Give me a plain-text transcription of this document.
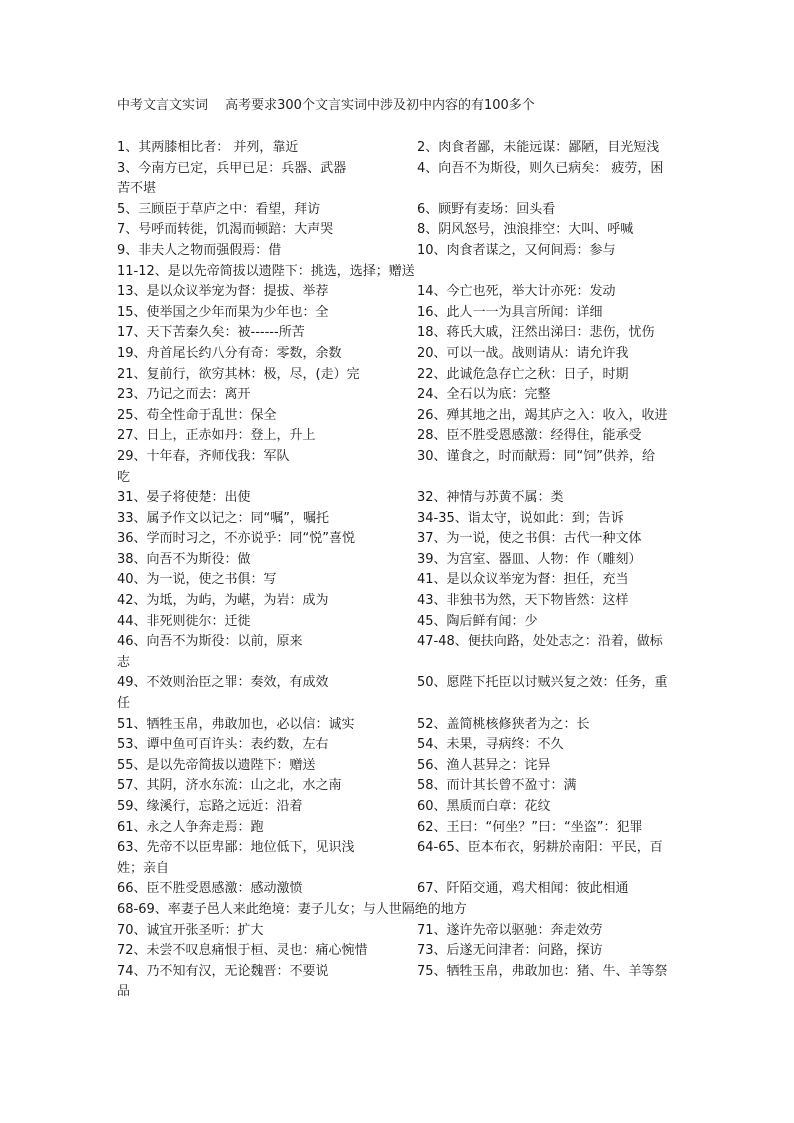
中考文言文实词　 高考要求300个文言实词中涉及初中内容的有100多个
1、其两膝相比者： 并列，靠近	2、肉食者鄙，未能远谋：鄙陋，目光短浅
3、今南方已定，兵甲已足：兵器、武器	4、向吾不为斯役，则久已病矣： 疲劳，困
苦不堪
5、三顾臣于草庐之中：看望，拜访	6、顾野有麦场：回头看
7、号呼而转徙，饥渴而顿踣：大声哭	8、阴风怒号，浊浪排空：大叫、呼喊
9、非夫人之物而强假焉：借	10、肉食者谋之，又何间焉：参与
11-12、是以先帝简拔以遗陛下：挑选，选择；赠送
13、是以众议举宠为督：提拔、举荐	14、今亡也死，举大计亦死：发动
15、使举国之少年而果为少年也：全	16、此人一一为具言所闻：详细
17、天下苦秦久矣：被------所苦	18、蒋氏大戚，汪然出涕曰：悲伤，忧伤
19、舟首尾长约八分有奇：零数，余数	20、可以一战。战则请从：请允许我
21、复前行，欲穷其林：极，尽，(走）完	22、此诚危急存亡之秋：日子，时期
23、乃记之而去：离开	24、全石以为底：完整
25、苟全性命于乱世：保全	26、殚其地之出，竭其庐之入：收入，收进
27、日上，正赤如丹：登上，升上	28、臣不胜受恩感激：经得住，能承受
29、十年春，齐师伐我：军队	30、谨食之，时而献焉：同“饲”供养，给
吃
31、晏子将使楚：出使	32、神情与苏黄不属：类
33、属予作文以记之：同“嘱”，嘱托	34-35、诣太守，说如此：到；告诉
36、学而时习之，不亦说乎：同“悦”喜悦	37、为一说，使之书俱：古代一种文体
38、向吾不为斯役：做	39、为宫室、器皿、人物：作（雕刻）
40、为一说，使之书俱：写	41、是以众议举宠为督：担任，充当
42、为坻，为屿，为嵁，为岩：成为	43、非独书为然，天下物皆然：这样
44、非死则徙尔：迁徙	45、陶后鲜有闻：少
46、向吾不为斯役：以前，原来	47-48、便扶向路，处处志之：沿着，做标
志
49、不效则治臣之罪：奏效，有成效	50、愿陛下托臣以讨贼兴复之效：任务，重
任
51、牺牲玉帛，弗敢加也，必以信：诚实	52、盖简桃核修狭者为之：长
53、谭中鱼可百许头：表约数，左右	54、未果，寻病终：不久
55、是以先帝简拔以遗陛下：赠送	56、渔人甚异之：诧异
57、其阴，济水东流：山之北，水之南	58、而计其长曾不盈寸：满
59、缘溪行，忘路之远近：沿着	60、黑质而白章：花纹
61、永之人争奔走焉：跑	62、王曰：“何坐？”曰：“坐盗”：犯罪
63、先帝不以臣卑鄙：地位低下，见识浅	64-65、臣本布衣，躬耕於南阳：平民，百
姓；亲自
66、臣不胜受恩感激：感动激愤	67、阡陌交通，鸡犬相闻：彼此相通
68-69、率妻子邑人来此绝境：妻子儿女；与人世隔绝的地方
70、诚宜开张圣听：扩大	71、遂许先帝以驱驰：奔走效劳
72、未尝不叹息痛恨于桓、灵也：痛心惋惜	73、后遂无问津者：问路，探访
74、乃不知有汉，无论魏晋：不要说	75、牺牲玉帛，弗敢加也：猪、牛、羊等祭
品
